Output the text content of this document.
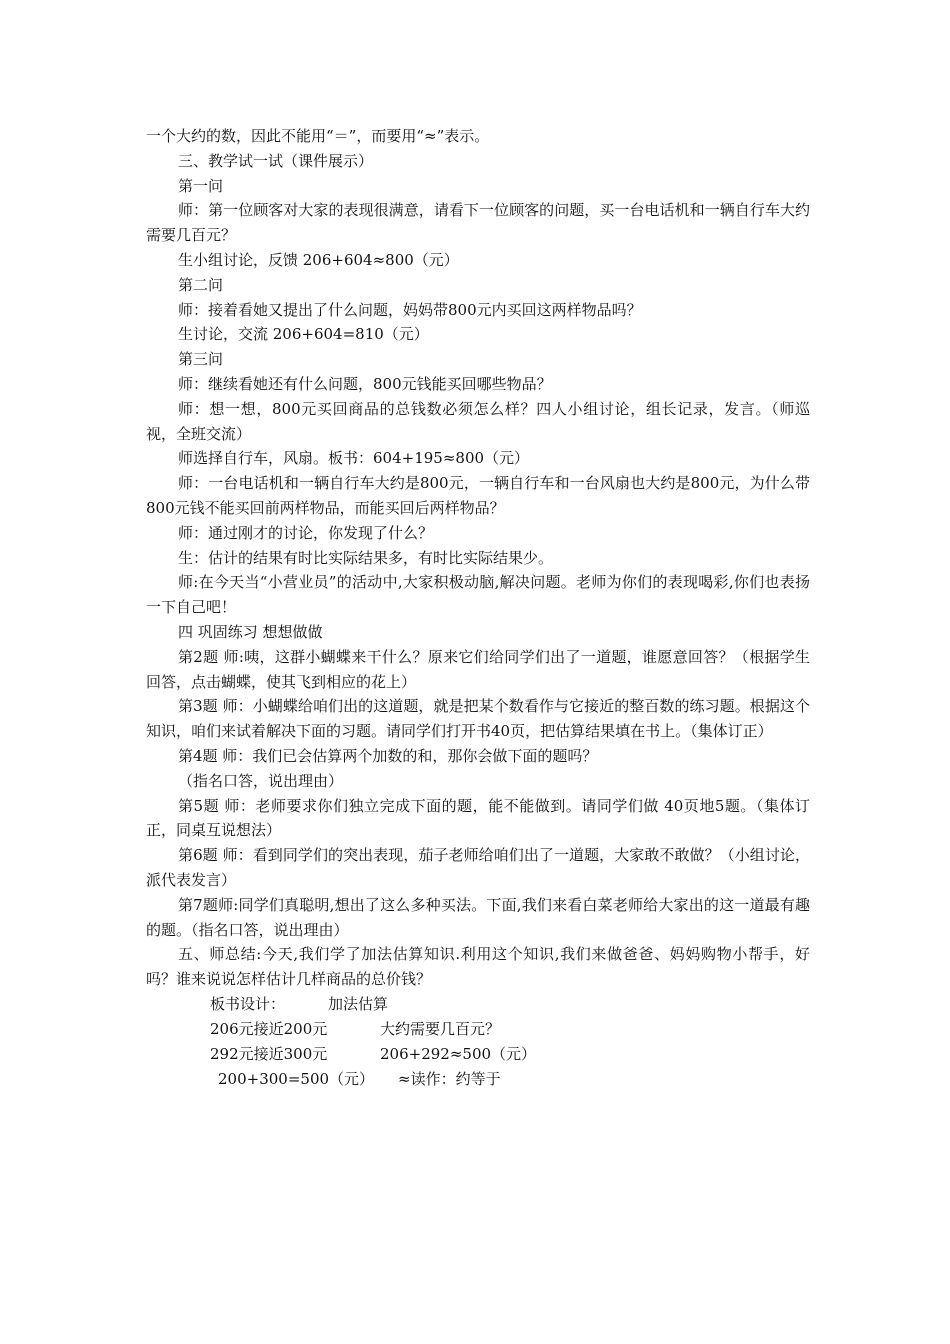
一个大约的数，因此不能用“＝”，而要用“≈”表示。

三、教学试一试（课件展示）

第一问

师：第一位顾客对大家的表现很满意，请看下一位顾客的问题，买一台电话机和一辆自行车大约需要几百元？

生小组讨论，反馈 206+604≈800（元）

第二问

师：接着看她又提出了什么问题，妈妈带800元内买回这两样物品吗？

生讨论，交流 206+604=810（元）

第三问

师：继续看她还有什么问题，800元钱能买回哪些物品？

师：想一想，800元买回商品的总钱数必须怎么样？四人小组讨论，组长记录，发言。（师巡视，全班交流）

师选择自行车，风扇。板书：604+195≈800（元）

师：一台电话机和一辆自行车大约是800元，一辆自行车和一台风扇也大约是800元，为什么带800元钱不能买回前两样物品，而能买回后两样物品？

师：通过刚才的讨论，你发现了什么？

生：估计的结果有时比实际结果多，有时比实际结果少。

师:在今天当“小营业员”的活动中,大家积极动脑,解决问题。老师为你们的表现喝彩,你们也表扬一下自己吧！

四 巩固练习 想想做做

第2题 师:咦，这群小蝴蝶来干什么？原来它们给同学们出了一道题，谁愿意回答？（根据学生回答，点击蝴蝶，使其飞到相应的花上）

第3题 师：小蝴蝶给咱们出的这道题，就是把某个数看作与它接近的整百数的练习题。根据这个知识，咱们来试着解决下面的习题。请同学们打开书40页，把估算结果填在书上。（集体订正）

第4题 师：我们已会估算两个加数的和，那你会做下面的题吗？

（指名口答，说出理由）

第5题 师：老师要求你们独立完成下面的题，能不能做到。请同学们做 40页地5题。（集体订正，同桌互说想法）

第6题 师：看到同学们的突出表现，茄子老师给咱们出了一道题，大家敢不敢做？（小组讨论，派代表发言）

第7题师:同学们真聪明,想出了这么多种买法。下面,我们来看白菜老师给大家出的这一道最有趣的题。（指名口答，说出理由）

五、师总结:今天,我们学了加法估算知识.利用这个知识,我们来做爸爸、妈妈购物小帮手，好吗？谁来说说怎样估计几样商品的总价钱？

板书设计：	加法估算
206元接近200元	大约需要几百元？
292元接近300元	206+292≈500（元）
200+300=500（元） ≈读作：约等于
